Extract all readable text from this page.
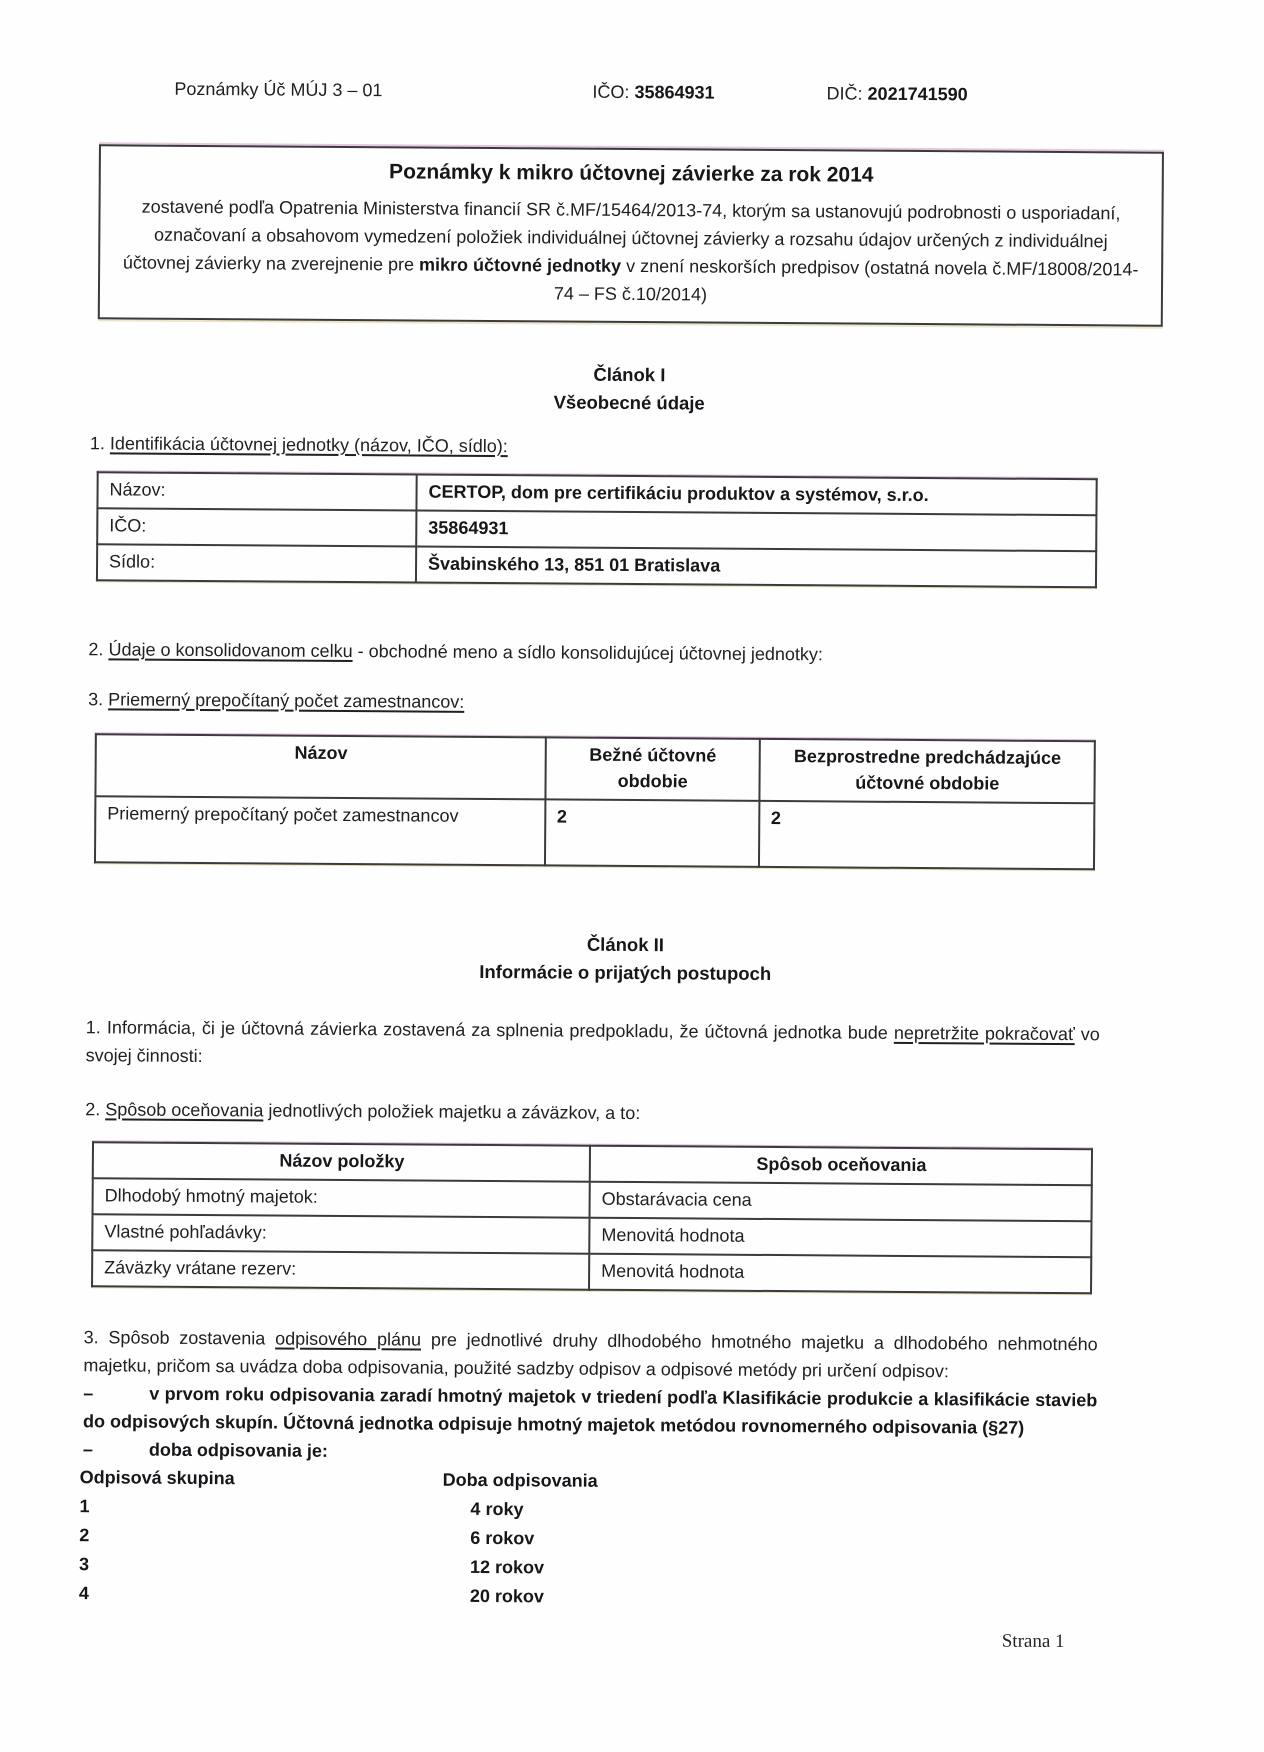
Poznámky Úč MÚJ 3 – 01	IČO: 35864931	DIČ: 2021741590
Poznámky k mikro účtovnej závierke za rok 2014

zostavené podľa Opatrenia Ministerstva financií SR č.MF/15464/2013-74, ktorým sa ustanovujú podrobnosti o usporiadaní, označovaní a obsahovom vymedzení položiek individuálnej účtovnej závierky a rozsahu údajov určených z individuálnej účtovnej závierky na zverejnenie pre mikro účtovné jednotky v znení neskorších predpisov (ostatná novela č.MF/18008/2014-74 – FS č.10/2014)

Článok I
Všeobecné údaje
1. Identifikácia účtovnej jednotky (názov, IČO, sídlo):
Názov:	CERTOP, dom pre certifikáciu produktov a systémov, s.r.o.
IČO:	35864931
Sídlo:	Švabinského 13, 851 01 Bratislava
2. Údaje o konsolidovanom celku - obchodné meno a sídlo konsolidujúcej účtovnej jednotky:
3. Priemerný prepočítaný počet zamestnancov:
Názov	Bežné účtovné obdobie	Bezprostredne predchádzajúce účtovné obdobie
Priemerný prepočítaný počet zamestnancov	2	2
Článok II
Informácie o prijatých postupoch

1. Informácia, či je účtovná závierka zostavená za splnenia predpokladu, že účtovná jednotka bude nepretržite pokračovať vo svojej činnosti:

2. Spôsob oceňovania jednotlivých položiek majetku a záväzkov, a to:
Názov položky	Spôsob oceňovania
Dlhodobý hmotný majetok:	Obstarávacia cena
Vlastné pohľadávky:	Menovitá hodnota
Záväzky vrátane rezerv:	Menovitá hodnota

3. Spôsob zostavenia odpisového plánu pre jednotlivé druhy dlhodobého hmotného majetku a dlhodobého nehmotného majetku, pričom sa uvádza doba odpisovania, použité sadzby odpisov a odpisové metódy pri určení odpisov:

–	v prvom roku odpisovania zaradí hmotný majetok v triedení podľa Klasifikácie produkcie a klasifikácie stavieb do odpisových skupín. Účtovná jednotka odpisuje hmotný majetok metódou rovnomerného odpisovania (§27)

–	doba odpisovania je:

Odpisová skupina	Doba odpisovania
1	4 roky
2	6 rokov
3	12 rokov
4	20 rokov
Strana 1
